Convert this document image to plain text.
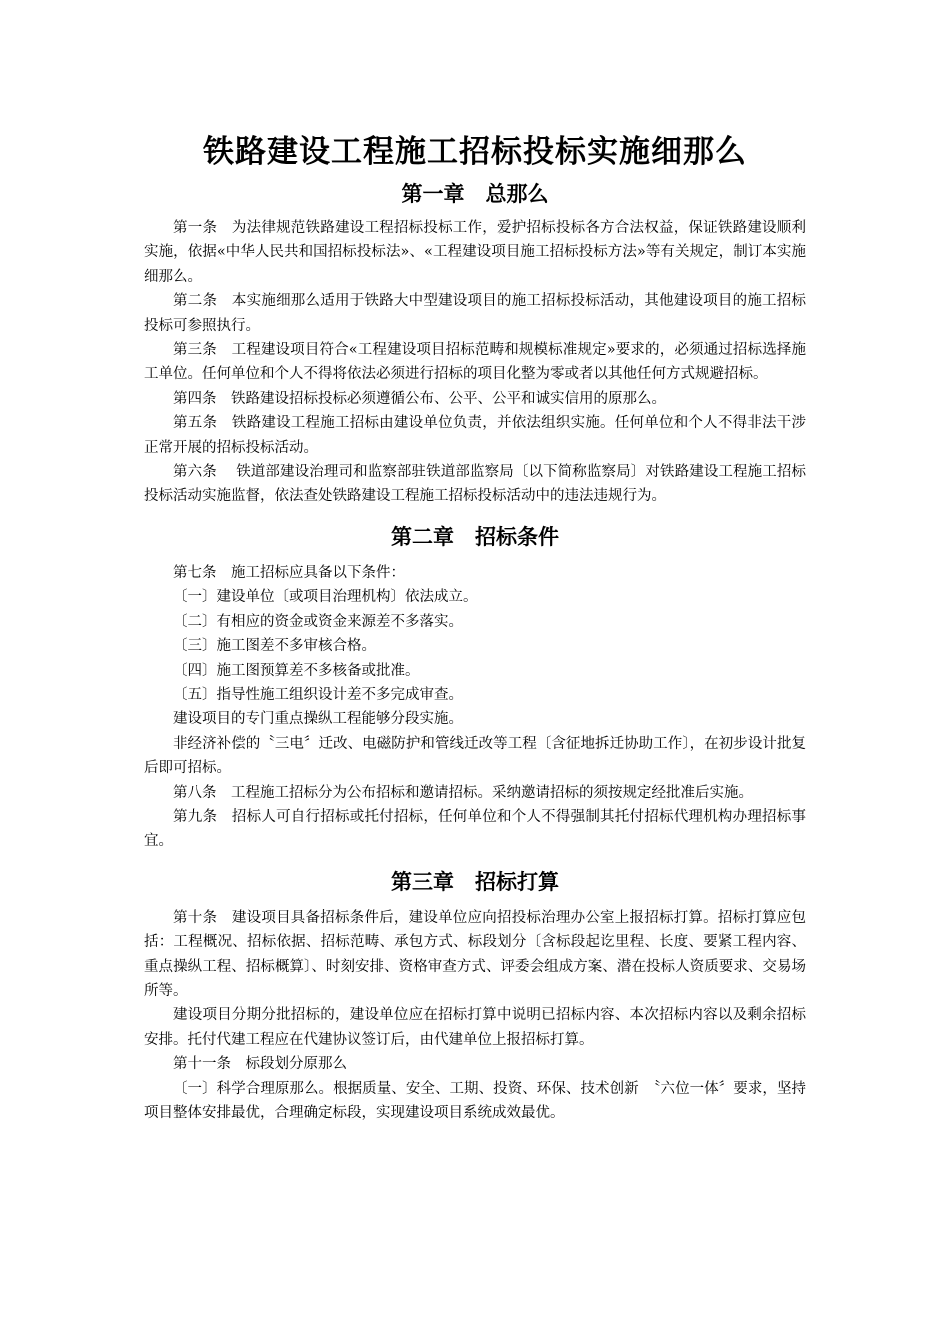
铁路建设工程施工招标投标实施细那么
第一章　总那么

第一条　为法律规范铁路建设工程招标投标工作，爱护招标投标各方合法权益，保证铁路建设顺利实施，依据«中华人民共和国招标投标法»、«工程建设项目施工招标投标方法»等有关规定，制订本实施细那么。

第二条　本实施细那么适用于铁路大中型建设项目的施工招标投标活动，其他建设项目的施工招标投标可参照执行。

第三条　工程建设项目符合«工程建设项目招标范畴和规模标准规定»要求的，必须通过招标选择施工单位。任何单位和个人不得将依法必须进行招标的项目化整为零或者以其他任何方式规避招标。

第四条　铁路建设招标投标必须遵循公布、公平、公平和诚实信用的原那么。

第五条　铁路建设工程施工招标由建设单位负责，并依法组织实施。任何单位和个人不得非法干涉正常开展的招标投标活动。

第六条　 铁道部建设治理司和监察部驻铁道部监察局〔以下简称监察局〕对铁路建设工程施工招标投标活动实施监督，依法查处铁路建设工程施工招标投标活动中的违法违规行为。

第二章　招标条件

第七条　施工招标应具备以下条件：

〔一〕建设单位〔或项目治理机构〕依法成立。

〔二〕有相应的资金或资金来源差不多落实。

〔三〕施工图差不多审核合格。

〔四〕施工图预算差不多核备或批准。

〔五〕指导性施工组织设计差不多完成审查。

建设项目的专门重点操纵工程能够分段实施。

非经济补偿的〝三电〞迁改、电磁防护和管线迁改等工程〔含征地拆迁协助工作〕，在初步设计批复后即可招标。

第八条　工程施工招标分为公布招标和邀请招标。采纳邀请招标的须按规定经批准后实施。

第九条　招标人可自行招标或托付招标，任何单位和个人不得强制其托付招标代理机构办理招标事宜。

第三章　招标打算

第十条　建设项目具备招标条件后，建设单位应向招投标治理办公室上报招标打算。招标打算应包括：工程概况、招标依据、招标范畴、承包方式、标段划分〔含标段起讫里程、长度、要紧工程内容、重点操纵工程、招标概算〕、时刻安排、资格审查方式、评委会组成方案、潜在投标人资质要求、交易场所等。

建设项目分期分批招标的，建设单位应在招标打算中说明已招标内容、本次招标内容以及剩余招标安排。托付代建工程应在代建协议签订后，由代建单位上报招标打算。

第十一条　标段划分原那么

〔一〕科学合理原那么。根据质量、安全、工期、投资、环保、技术创新　〝六位一体〞要求，坚持项目整体安排最优，合理确定标段，实现建设项目系统成效最优。
